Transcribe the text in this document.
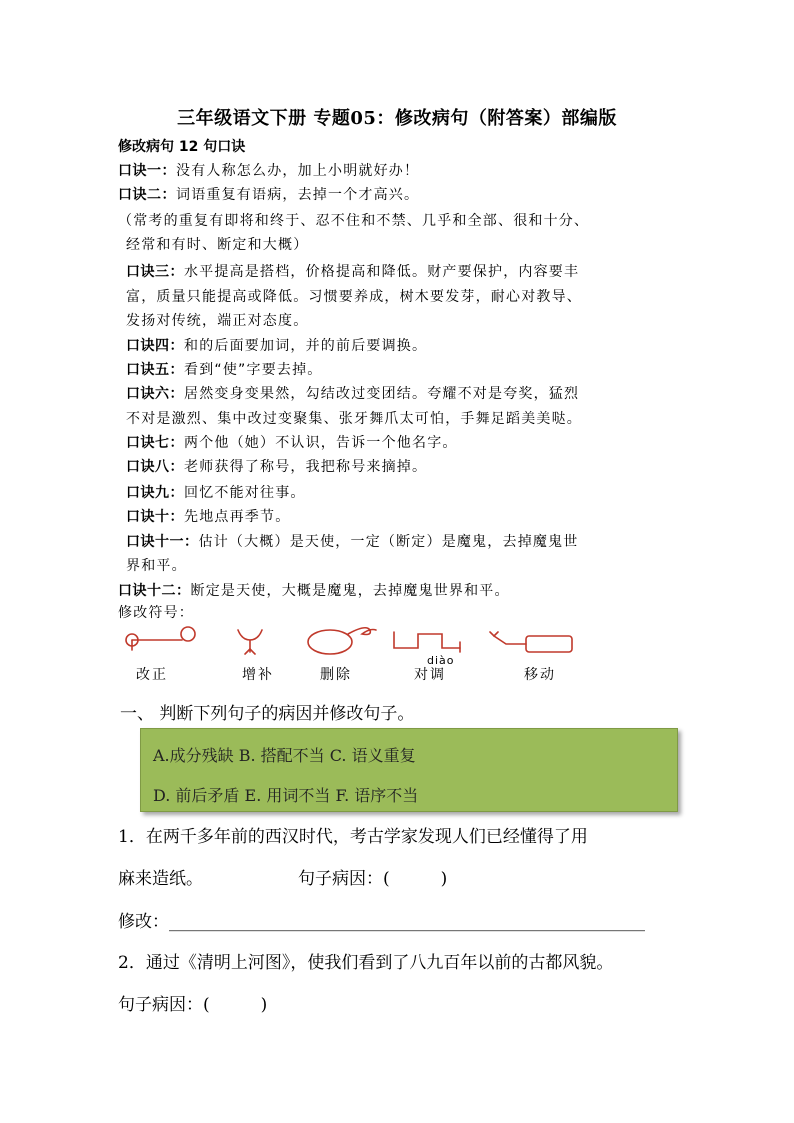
三年级语文下册 专题05：修改病句（附答案）部编版
修改病句 12 句口诀
口诀一：没有人称怎么办，加上小明就好办！
口诀二：词语重复有语病，去掉一个才高兴。
（常考的重复有即将和终于、忍不住和不禁、几乎和全部、很和十分、
经常和有时、断定和大概）
口诀三：水平提高是搭档，价格提高和降低。财产要保护，内容要丰
富，质量只能提高或降低。习惯要养成，树木要发芽，耐心对教导、
发扬对传统，端正对态度。
口诀四：和的后面要加词，并的前后要调换。
口诀五：看到“使”字要去掉。
口诀六：居然变身变果然，勾结改过变团结。夸耀不对是夸奖，猛烈
不对是激烈、集中改过变聚集、张牙舞爪太可怕，手舞足蹈美美哒。
口诀七：两个他（她）不认识，告诉一个他名字。
口诀八：老师获得了称号，我把称号来摘掉。
口诀九：回忆不能对往事。
口诀十：先地点再季节。
口诀十一：估计（大概）是天使，一定（断定）是魔鬼，去掉魔鬼世
界和平。
口诀十二：断定是天使，大概是魔鬼，去掉魔鬼世界和平。
修改符号：
diào
改正	增补	删除	对调	移动
一、 判断下列句子的病因并修改句子。
A.成分残缺 B. 搭配不当 C. 语义重复
D. 前后矛盾 E. 用词不当 F. 语序不当
1．在两千多年前的西汉时代，考古学家发现人们已经懂得了用
麻来造纸。	句子病因：(　　　)
修改：________________________________________________________
2．通过《清明上河图》，使我们看到了八九百年以前的古都风貌。
句子病因：(　　　)
